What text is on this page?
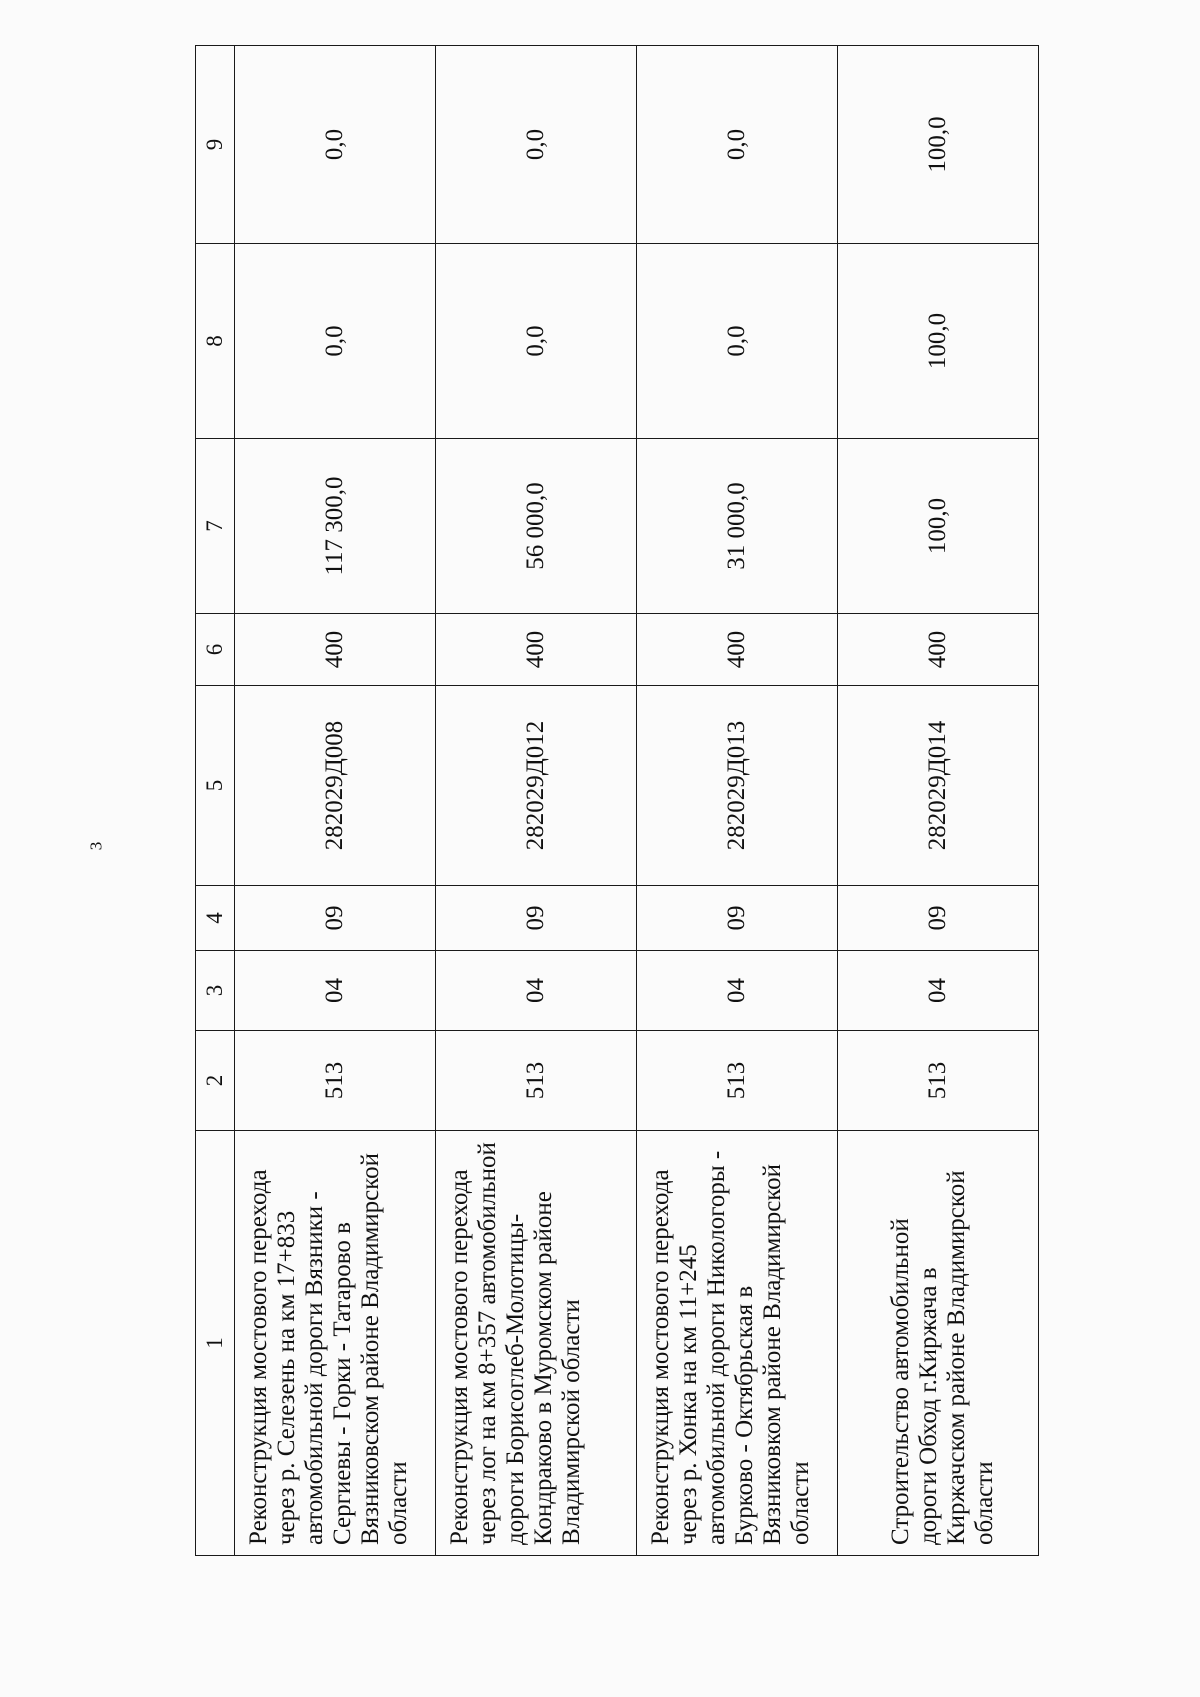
3
1	2	3	4	5	6	7	8	9
Реконструкция мостового перехода через р. Селезень на км 17+833 автомобильной дороги Вязники - Сергиевы - Горки - Татарово в Вязниковском районе Владимирской области	513	04	09	282029Д008	400	117 300,0	0,0	0,0
Реконструкция мостового перехода через лог на км 8+357 автомобильной дороги Борисоглеб-Молотицы-Кондраково в Муромском районе Владимирской области	513	04	09	282029Д012	400	56 000,0	0,0	0,0
Реконструкция мостового перехода через р. Хонка на км 11+245 автомобильной дороги Никологоры - Бурково - Октябрьская в Вязниковком районе Владимирской области	513	04	09	282029Д013	400	31 000,0	0,0	0,0
Строительство автомобильной дороги Обход г.Киржача в Киржачском районе Владимирской области	513	04	09	282029Д014	400	100,0	100,0	100,0
